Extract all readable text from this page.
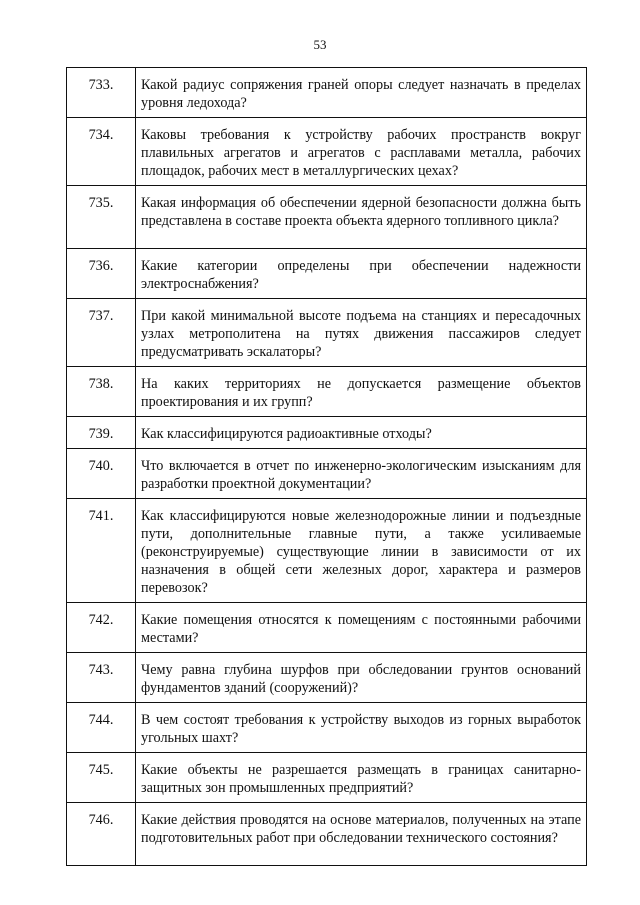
53
733.	Какой радиус сопряжения граней опоры следует назначать в пределах уровня ледохода?
734.	Каковы требования к устройству рабочих пространств вокруг плавильных агрегатов и агрегатов с расплавами металла, рабочих площадок, рабочих мест в металлургических цехах?
735.	Какая информация об обеспечении ядерной безопасности должна быть представлена в составе проекта объекта ядерного топливного цикла?
736.	Какие категории определены при обеспечении надежности электроснабжения?
737.	При какой минимальной высоте подъема на станциях и пересадочных узлах метрополитена на путях движения пассажиров следует предусматривать эскалаторы?
738.	На каких территориях не допускается размещение объектов проектирования и их групп?
739.	Как классифицируются радиоактивные отходы?
740.	Что включается в отчет по инженерно-экологическим изысканиям для разработки проектной документации?
741.	Как классифицируются новые железнодорожные линии и подъездные пути, дополнительные главные пути, а также усиливаемые (реконструируемые) существующие линии в зависимости от их назначения в общей сети железных дорог, характера и размеров перевозок?
742.	Какие помещения относятся к помещениям с постоянными рабочими местами?
743.	Чему равна глубина шурфов при обследовании грунтов оснований фундаментов зданий (сооружений)?
744.	В чем состоят требования к устройству выходов из горных выработок угольных шахт?
745.	Какие объекты не разрешается размещать в границах санитарно-защитных зон промышленных предприятий?
746.	Какие действия проводятся на основе материалов, полученных на этапе подготовительных работ при обследовании технического состояния?
